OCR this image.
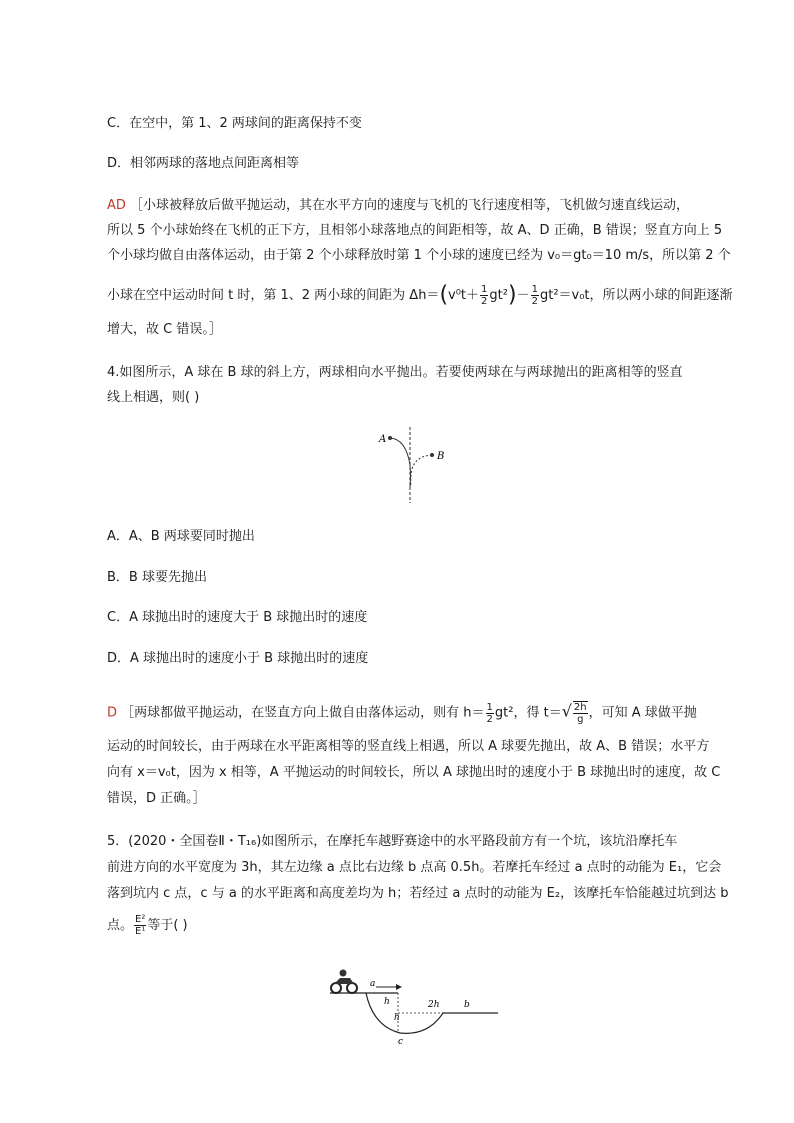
C．在空中，第 1、2 两球间的距离保持不变
D．相邻两球的落地点间距离相等
AD ［小球被释放后做平抛运动，其在水平方向的速度与飞机的飞行速度相等，飞机做匀速直线运动，
所以 5 个小球始终在飞机的正下方，且相邻小球落地点的间距相等，故 A、D 正确，B 错误；竖直方向上 5
个小球均做自由落体运动，由于第 2 个小球释放时第 1 个小球的速度已经为 v₀＝gt₀＝10 m/s，所以第 2 个
小球在空中运动时间 t 时，第 1、2 两小球的间距为 $\Delta h=(v^0t+ \frac{1}{2} gt^2)- \frac{1}{2} gt^2=v_0t$，所以两小球的间距逐渐
增大，故 C 错误。］
4.如图所示，A 球在 B 球的斜上方，两球相向水平抛出。若要使两球在与两球抛出的距离相等的竖直
线上相遇，则( )
A
B
A．A、B 两球要同时抛出
B．B 球要先抛出
C．A 球抛出时的速度大于 B 球抛出时的速度
D．A 球抛出时的速度小于 B 球抛出时的速度
D ［两球都做平抛运动，在竖直方向上做自由落体运动，则有 $h= \frac{1}{2} gt^2$，得 $t=√ \frac{2h}{g}$ ，可知 A 球做平抛
运动的时间较长，由于两球在水平距离相等的竖直线上相遇，所以 A 球要先抛出，故 A、B 错误；水平方
向有 x＝v₀t，因为 x 相等，A 平抛运动的时间较长，所以 A 球抛出时的速度小于 B 球抛出时的速度，故 C
错误，D 正确。］
5．(2020・全国卷Ⅱ・T₁₆)如图所示，在摩托车越野赛途中的水平路段前方有一个坑，该坑沿摩托车
前进方向的水平宽度为 3h，其左边缘 a 点比右边缘 b 点高 0.5h。若摩托车经过 a 点时的动能为 E₁，它会
落到坑内 c 点，c 与 a 的水平距离和高度差均为 h；若经过 a 点时的动能为 E₂，该摩托车恰能越过坑到达 b
点。 $\frac{\text{E²}}{\text{E¹}}$ 等于( )
a
h
h
2h	b
c
